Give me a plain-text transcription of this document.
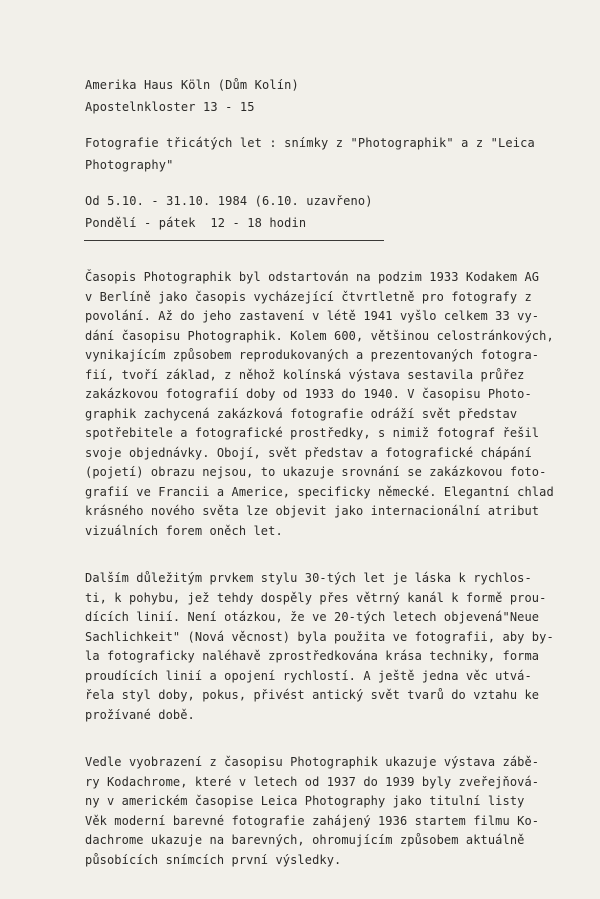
Amerika Haus Köln (Dům Kolín)
Apostelnkloster 13 - 15
Fotografie třicátých let : snímky z "Photographik" a z "Leica
Photography"
Od 5.10. - 31.10. 1984 (6.10. uzavřeno)
Pondělí - pátek  12 - 18 hodin

Časopis Photographik byl odstartován na podzim 1933 Kodakem AG
v Berlíně jako časopis vycházející čtvrtletně pro fotografy z
povolání. Až do jeho zastavení v létě 1941 vyšlo celkem 33 vy-
dání časopisu Photographik. Kolem 600, většinou celostránkových,
vynikajícím způsobem reprodukovaných a prezentovaných fotogra-
fií, tvoří základ, z něhož kolínská výstava sestavila průřez
zakázkovou fotografií doby od 1933 do 1940. V časopisu Photo-
graphik zachycená zakázková fotografie odráží svět představ
spotřebitele a fotografické prostředky, s nimiž fotograf řešil
svoje objednávky. Obojí, svět představ a fotografické chápání
(pojetí) obrazu nejsou, to ukazuje srovnání se zakázkovou foto-
grafií ve Francii a Americe, specificky německé. Elegantní chlad
krásného nového světa lze objevit jako internacionální atribut
vizuálních forem oněch let.

Dalším důležitým prvkem stylu 30-tých let je láska k rychlos-
ti, k pohybu, jež tehdy dospěly přes větrný kanál k formě prou-
dících linií. Není otázkou, že ve 20-tých letech objevená"Neue
Sachlichkeit" (Nová věcnost) byla použita ve fotografii, aby by-
la fotograficky naléhavě zprostředkována krása techniky, forma
proudících linií a opojení rychlostí. A ještě jedna věc utvá-
řela styl doby, pokus, přivést antický svět tvarů do vztahu ke
prožívané době.

Vedle vyobrazení z časopisu Photographik ukazuje výstava zábě-
ry Kodachrome, které v letech od 1937 do 1939 byly zveřejňová-
ny v americkém časopise Leica Photography jako titulní listy
Věk moderní barevné fotografie zahájený 1936 startem filmu Ko-
dachrome ukazuje na barevných, ohromujícím způsobem aktuálně
působících snímcích první výsledky.
